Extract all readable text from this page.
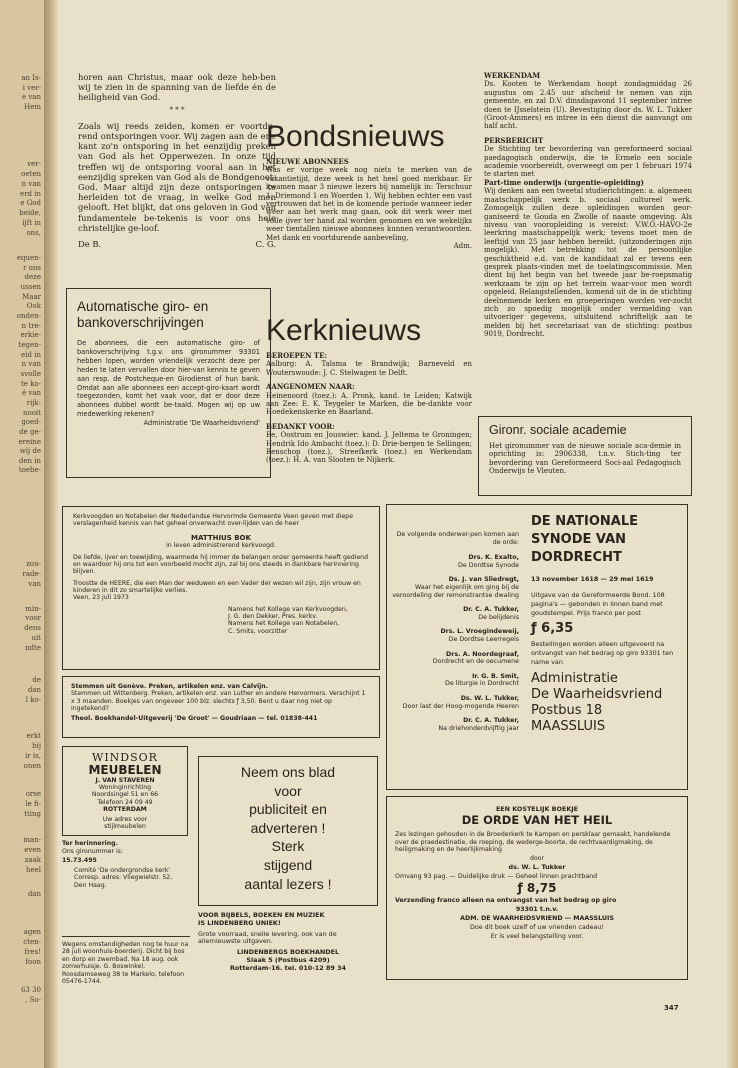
an Is-
i ver-
e van
Hem
ver-
oeten
n van
erd in
e God
beide,
ijft in
ons,
equen-
r ons
deze
ussen
Maar
Ook
onden-
n tre-
erkie-
tegen-
eld in
n van
svolle
te ko-
é van
rijk-
nooit
goed-
de ge-
ereine
wij de
den in
toebe-
zou-
rade-
van
min-
voor
dens
uit
ndte
de
dan
l ko-
erkt
bij
ir is,
onen
orse
le fi-
tting
man-
even
zaak
heel
dan
agen
cten-
fres!
foon
63 30
, So-

horen aan Christus, maar ook deze heb-ben wij te zien in de spanning van de liefde én de heiligheid van God.

* * *

Zoals wij reeds zeiden, komen er voortdu-rend ontsporingen voor. Wij zagen aan de ene kant zo'n ontsporing in het eenzijdig preken van God als het Opperwezen. In onze tijd treffen wij de ontsporing vooral aan in het eenzijdig spreken van God als de Bondgenoot-God. Maar altijd zijn deze ontsporingen te herleiden tot de vraag, in welke God men gelooft. Het blijkt, dat ons geloven in God van fundamentele be-tekenis is voor ons hele christelijke ge-loof.

De B.	C. G.
Automatische giro- en bankoverschrijvingen

De abonnees, die een automatische giro- of bankoverschrijving t.g.v. ons gironummer 93301 hebben lopen, worden vriendelijk verzocht deze per heden te laten vervallen door hier-van kennis te geven aan resp. de Postcheque-en Girodienst of hun bank. Omdat aan alle abonnees een accept-giro-kaart wordt toegezonden, komt het vaak voor, dat er door deze abonnees dubbel wordt be-taald. Mogen wij op uw medewerking rekenen?

Administratie 'De Waarheidsvriend'

Bondsnieuws

NIEUWE ABONNEES

Was er vorige week nog niets te merken van de vakantietijd, deze week is het heel goed merkbaar. Er kwamen maar 3 nieuwe lezers bij namelijk in: Terschuur 1, Driemond 1 en Woerden 1. Wij hebben echter een vast vertrouwen dat het in de komende periode wanneer ieder weer aan het werk mag gaan, ook dit werk weer met volle ijver ter hand zal worden genomen en we wekelijks weer tientallen nieuwe abonnees kunnen verantwoorden. Met dank en voortdurende aanbeveling,

Adm.

Kerknieuws

BEROEPEN TE:

Aalburg: A. Talsma te Brandwijk; Barneveld en Wouterswoude: J. C. Stelwagen te Delft.

AANGENOMEN NAAR:

Heinenoord (toez.): A. Pronk, kand. te Leiden; Katwijk aan Zee: E. K. Teygeler te Marken, die be-dankte voor Hoedekenskerke en Baarland.

BEDANKT VOOR:

Ee, Oostrum en Jouswier: kand. J. Jeltema te Groningen; Hendrik Ido Ambacht (toez.): D. Drie-bergen te Sellingen; Benschop (toez.), Streefkerk (toez.) en Werkendam (toez.): H. A. van Slooten te Nijkerk.

WERKENDAM

Ds. Kooten te Werkendam hoopt zondagmiddag 26 augustus om 2.45 uur afscheid te nemen van zijn gemeente, en zal D.V. dinsdagavond 11 september intree doen te IJsselstein (U). Bevestiging door ds. W. L. Tukker (Groot-Ammers) en intree in één dienst die aanvangt om half acht.

PERSBERICHT

De Stichting ter bevordering van gereformeerd sociaal paedagogisch onderwijs, die te Ermelo een sociale academie voorbereidt, overweegt om per 1 februari 1974 te starten met

Part-time onderwijs (urgentie-opleiding)

Wij denken aan een tweetal studierichtingen: a. algemeen maatschappelijk werk b. sociaal cultureel werk. Zomogelijk zullen deze opleidingen worden geor-ganiseerd te Gouda en Zwolle of naaste omgeving. Als niveau van vooropleiding is vereist: V.W.O.-HAVO-2e leerkring maatschappelijk werk; tevens moet men de leeftijd van 25 jaar hebben bereikt. (uitzonderingen zijn mogelijk). Met betrekking tot de persoonlijke geschiktheid e.d. van de kandidaat zal er tevens een gesprek plaats-vinden met de toelatingscommissie. Men dient bij het begin van het tweede jaar be-roepsmatig werkzaam te zijn op het terrein waar-voor men wordt opgeleid. Belangstellenden, komend uit de in de stichting deelnemende kerken en groeperingen worden ver-zocht zich zo spoedig mogelijk onder vermelding van uitvoeriger gegevens, uitsluitend schriftelijk aan te melden bij het secretariaat van de stichting: postbus 9019, Dordrecht.

Gironr. sociale academie

Het gironummer van de nieuwe sociale aca-demie in oprichting is: 2906338, t.n.v. Stich-ting ter bevordering van Gereformeerd Soci-aal Pedagogisch Onderwijs te Vleuten.

Kerkvoogden en Notabelen der Nederlandse Hervormde Gemeente Veen geven met diepe verslagenheid kennis van het geheel onverwacht over-lijden van de heer

MATTHIUS BOK

in leven administrerend kerkvoogd.

De liefde, ijver en toewijding, waarmede hij immer de belangen onzer gemeente heeft gediend en waardoor hij ons tot een voorbeeld mocht zijn, zal bij ons steeds in dankbare herinnering blijven.

Troostte de HEERE, die een Man der weduwen en een Vader der wezen wil zijn, zijn vrouw en kinderen in dit zo smartelijke verlies.

Veen, 23 juli 1973

Namens het Kollege van Kerkvoogden,

J. G. den Dekker, Pres. kerkv.

Namens het Kollege van Notabelen,

C. Smits, voorzitter

Stemmen uit Genève. Preken, artikelen enz. van Calvijn.

Stemmen uit Wittenberg. Preken, artikelen enz. van Luther en andere Hervormers. Verschijnt 1 x 3 maanden. Boekjes van ongeveer 100 blz. slechts ƒ 3,50. Bent u daar nog niet op ingetekend?

Theol. Boekhandel-Uitgeverij 'De Groot' — Goudriaan — tel. 01838-441

WINDSOR
MEUBELEN

J. VAN STAVEREN

Woninginrichting

Noordsingel 51 en 66

Telefoon 24 09 49

ROTTERDAM

Uw adres voor

stijlmeubelen

Ter herinnering.

Ons gironummer is:

15.73.495

Comité 'De ondergrondse kerk'

Corresp. adres: Vliegwielstr. 52,

Den Haag.

Wegens omstandigheden nog te huur na 28 juli woonhuis-boerderij. Dicht bij bos en dorp en zwembad. Na 18 aug. ook zomerhuisje. G. Boswinkel, Roosdamseweg 38 te Markelo, telefoon 05476-1744.
Neem ons blad
voor
publiciteit en
adverteren !
Sterk
stijgend
aantal lezers !

VOOR BIJBELS, BOEKEN EN MUZIEK

IS LINDENBERG UNIEK!

Grote voorraad, snelle levering, ook van de allernieuwste uitgaven.

LINDENBERGS BOEKHANDEL

Slaak 5 (Postbus 4209)

Rotterdam-16. tel. 010-12 89 34

De volgende onderwer-pen komen aan de orde:

Drs. K. Exalto,

De Dordtse Synode

Ds. J. van Sliedregt,

Waar het eigenlijk om ging bij de veroordeling der remonstrantse dwaling

Dr. C. A. Tukker,

De belijdenis

Drs. L. Vroegindeweij,

De Dordtse Leerregels

Drs. A. Noordegraaf,

Dordrecht en de oecumene

Ir. G. B. Smit,

De liturgie in Dordrecht

Ds. W. L. Tukker,

Door last der Hoog-mogende Heeren

Dr. C. A. Tukker,

Na driehonderdvijftig jaar

DE NATIONALE

SYNODE VAN

DORDRECHT

13 november 1618 — 29 mei 1619

Uitgave van de Gereformeerde Bond. 108 pagina's — gebonden in linnen band met goudstempel. Prijs franco per post

ƒ 6,35

Bestellingen worden alleen uitgevoerd na ontvangst van het bedrag op giro 93301 ten name van

Administratie

De Waarheidsvriend

Postbus 18

MAASSLUIS

EEN KOSTELIJK BOEKJE

DE ORDE VAN HET HEIL

Zes lezingen gehouden in de Broederkerk te Kampen en persklaar gemaakt, handelende over de praedestinatie, de roeping, de wederge-boorte, de rechtvaardigmaking, de heiligmaking en de heerlijkmaking

door

ds. W. L. Tukker

Omvang 93 pag. — Duidelijke druk — Geheel linnen prachtband

ƒ 8,75

Verzending franco alleen na ontvangst van het bedrag op giro

93301 t.n.v.

ADM. DE WAARHEIDSVRIEND — MAASSLUIS

Doe dit boek uzelf of uw vrienden cadeau!

Er is veel belangstelling voor.

347
